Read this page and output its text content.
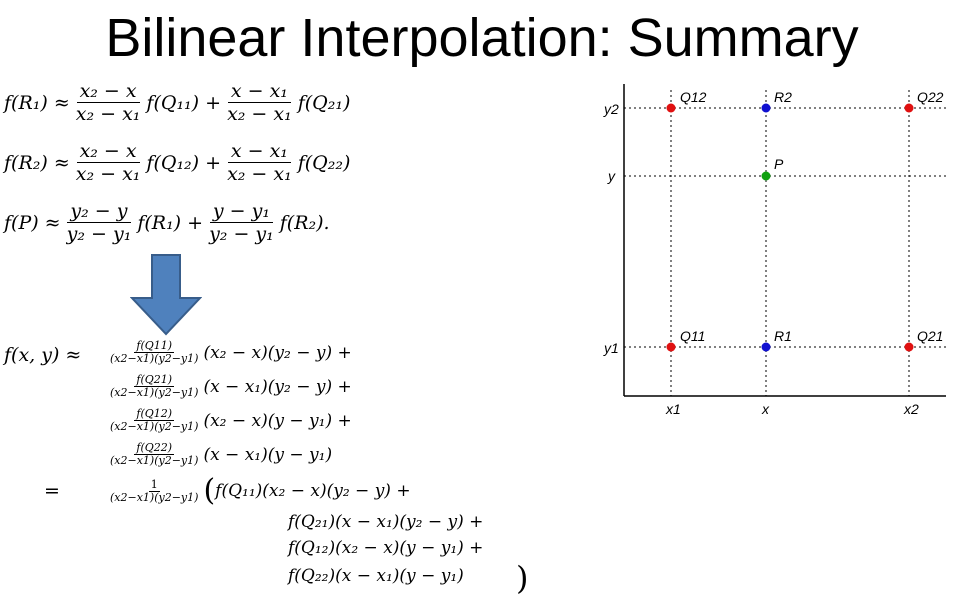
Bilinear Interpolation: Summary
$f(R_1) \approx \frac{\text{x₂ − x}}{\text{x₂ − x₁}} f(Q_{11}) + \frac{\text{x − x₁}}{\text{x₂ − x₁}} f(Q_{21})$
$f(R_2) \approx \frac{\text{x₂ − x}}{\text{x₂ − x₁}} f(Q_{12}) + \frac{\text{x − x₁}}{\text{x₂ − x₁}} f(Q_{22})$
$f(P) \approx \frac{\text{y₂ − y}}{\text{y₂ − y₁}} f(R_1) + \frac{\text{y − y₁}}{\text{y₂ − y₁}} f(R_2)$.
f(x, $y) \approx \frac{f(Q11)}{(x2-x1)(y2-y1)} (x_2 - x)(y_2 - y)$ +
$\frac{f(Q21)}{(x2-x1)(y2-y1)} (x - x_1)(y_2 - y)$ +
$\frac{f(Q12)}{(x2-x1)(y2-y1)} (x_2 - x)(y - y_1)$ +
$\frac{f(Q22)}{(x2-x1)(y2-y1)} (x - x_1)(y - y_1)$
=	$\frac{1}{(x2-x1)(y2-y1)}$ ( f(Q₁₁)(x₂ − x)(y₂ − y) +
f(Q₂₁)(x − x₁)(y₂ − y) +
f(Q₁₂)(x₂ − x)(y − y₁) +
f(Q₂₂)(x − x₁)(y − y₁) )
x1	x	x2
y2
y
y1
Q12	R2	Q22
P
Q11	R1	Q21
